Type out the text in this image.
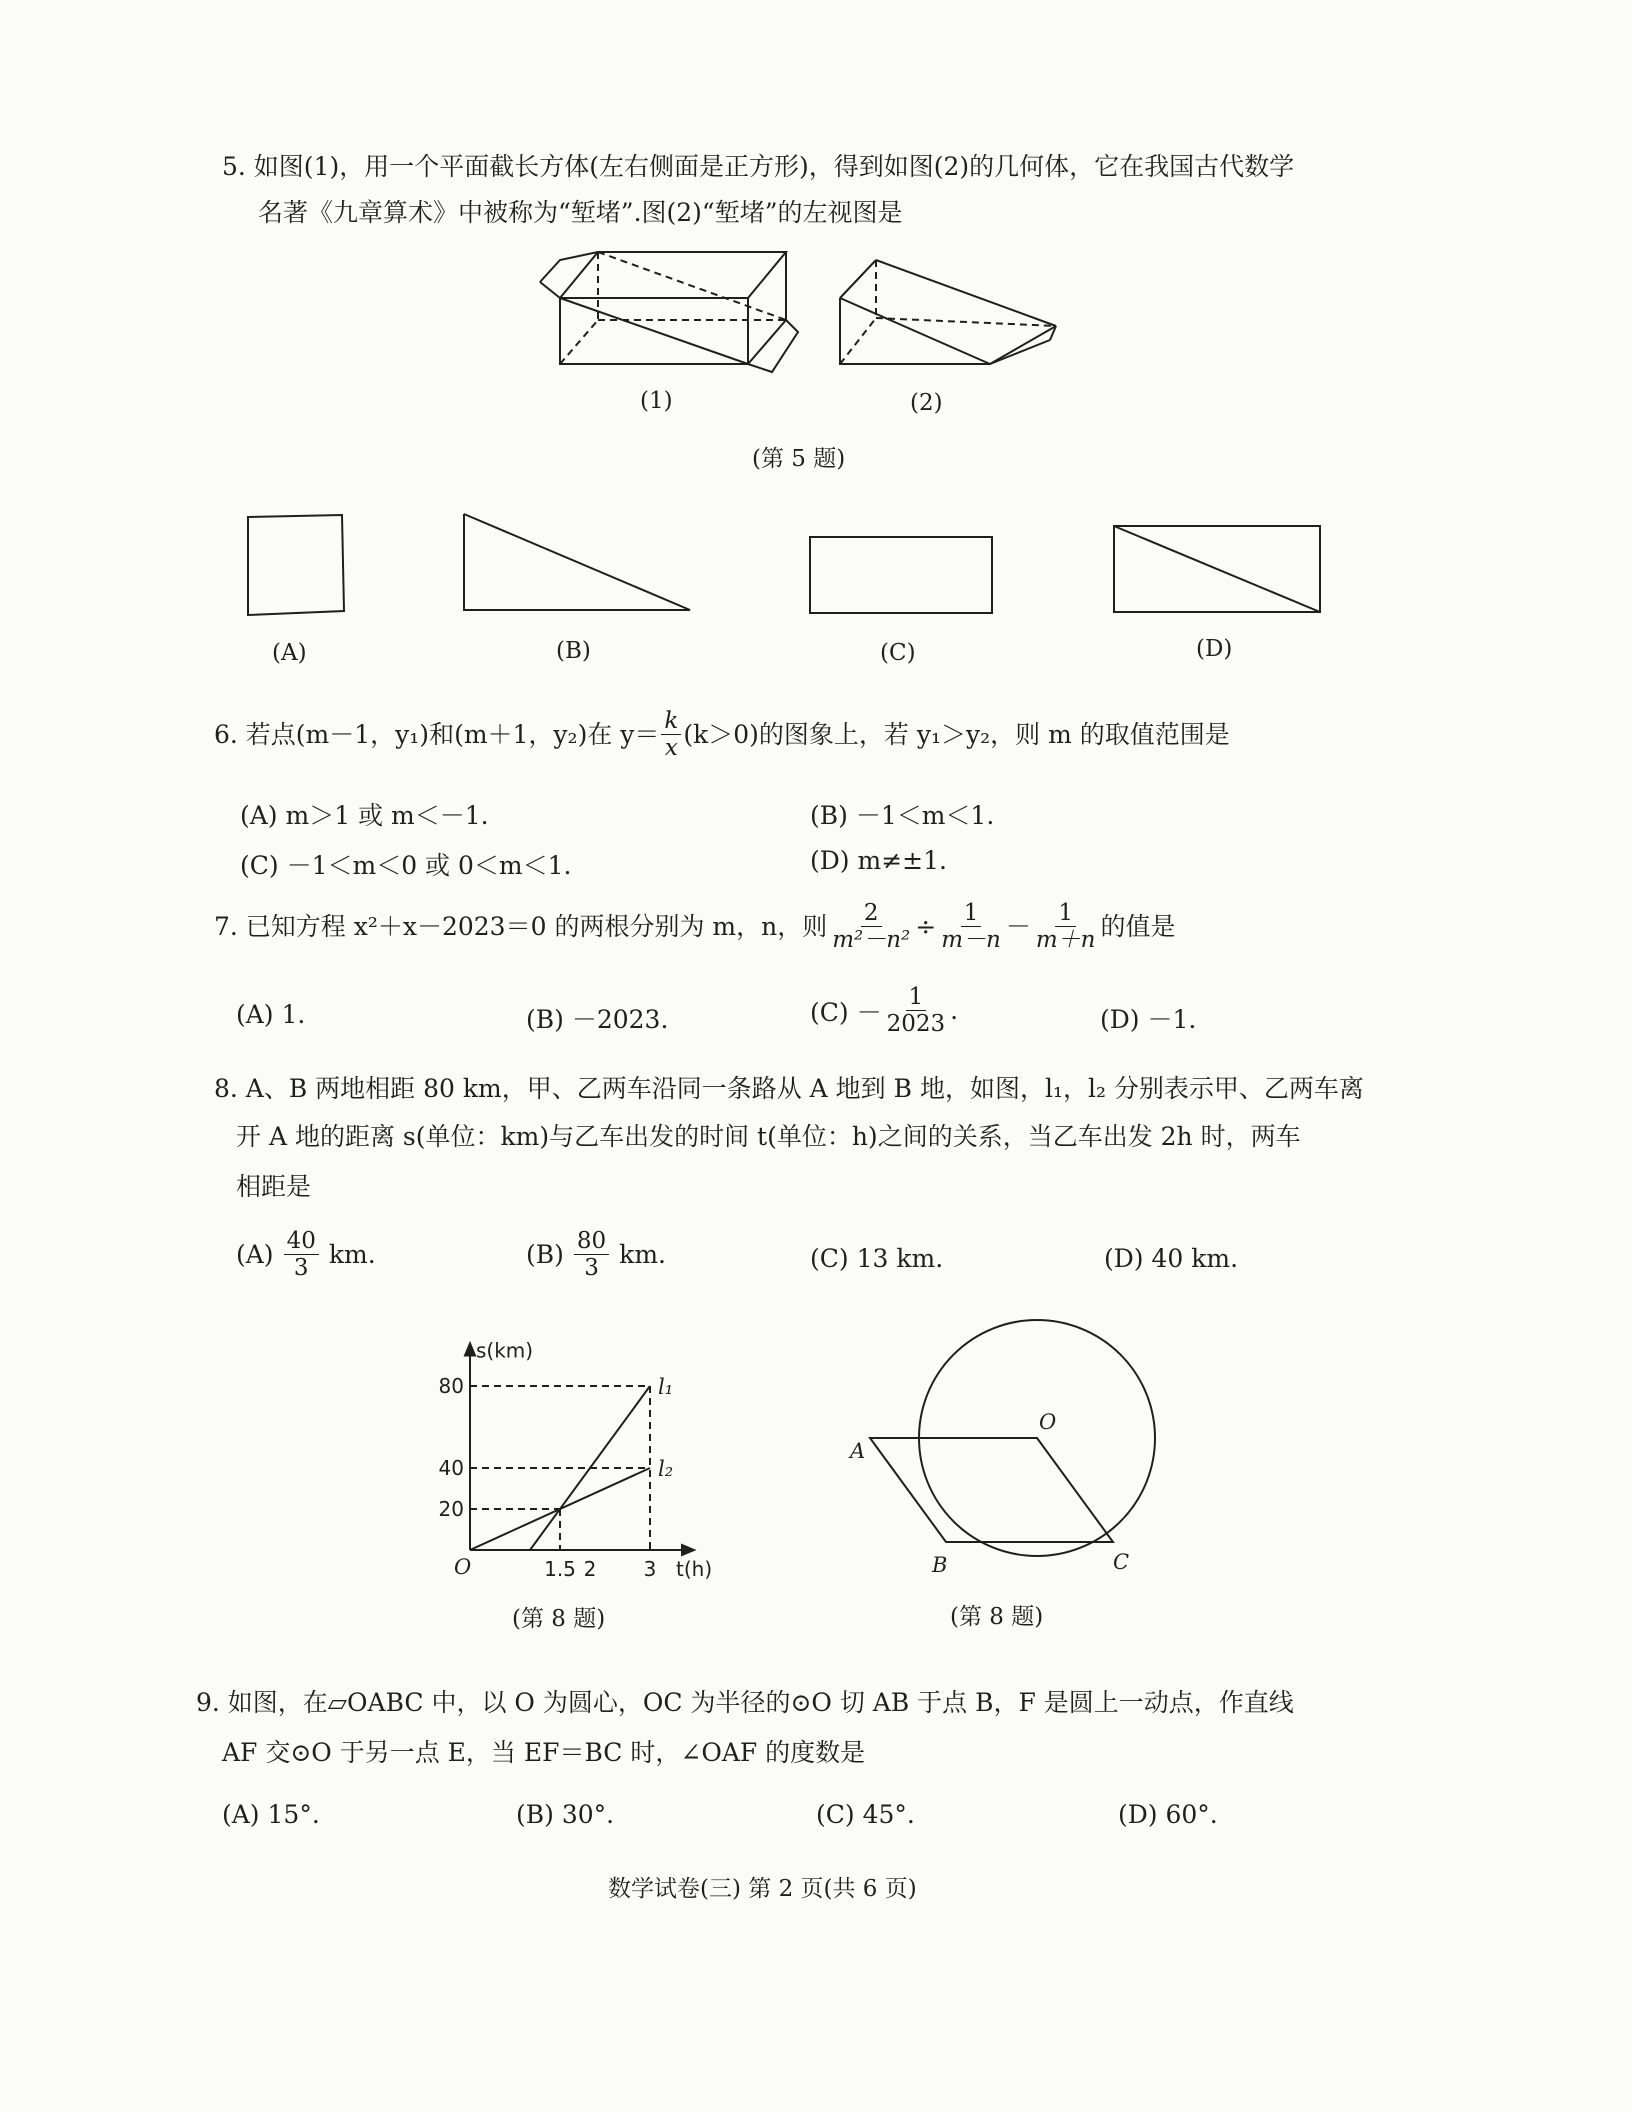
5. 如图(1)，用一个平面截长方体(左右侧面是正方形)，得到如图(2)的几何体，它在我国古代数学
名著《九章算术》中被称为“堑堵”.图(2)“堑堵”的左视图是
(1)	(2)
(第 5 题)
(A)	(B)	(C)	(D)
6. 若点(m－1，y₁)和(m＋1，y₂)在 $y= \frac{k}{x} (k>0)$的图象上，若 y₁＞y₂，则 m 的取值范围是
(A) m＞1 或 m＜－1.	(B) －1＜m＜1.
(C) －1＜m＜0 或 0＜m＜1.	(D) m≠±1.
7. 已知方程 x²＋x－2023＝0 的两根分别为 m，n，则 $\frac{2}{\text{m²－n²}} \div \frac{1}{m-n} - \frac{1}{m+n}$ 的值是
(A) 1.	(B) －2023.	$(C) - \frac{1}{2023}$ .	(D) －1.
8. A、B 两地相距 80 km，甲、乙两车沿同一条路从 A 地到 B 地，如图，l₁，l₂ 分别表示甲、乙两车离
开 A 地的距离 s(单位：km)与乙车出发的时间 t(单位：h)之间的关系，当乙车出发 2h 时，两车
相距是
$(A) \frac{40}{3}$ km.	$(B) \frac{80}{3}$ km.	(C) 13 km.	(D) 40 km.
l₁
l₂
20
40
80
1.5 2 3
O	t(h)
s(km)
(第 8 题)
O
A
B	C
(第 8 题)
9. 如图，在▱OABC 中，以 O 为圆心，OC 为半径的⊙O 切 AB 于点 B，F 是圆上一动点，作直线
AF 交⊙O 于另一点 E，当 EF＝BC 时，∠OAF 的度数是
(A) 15°.	(B) 30°.	(C) 45°.	(D) 60°.
数学试卷(三) 第 2 页(共 6 页)
